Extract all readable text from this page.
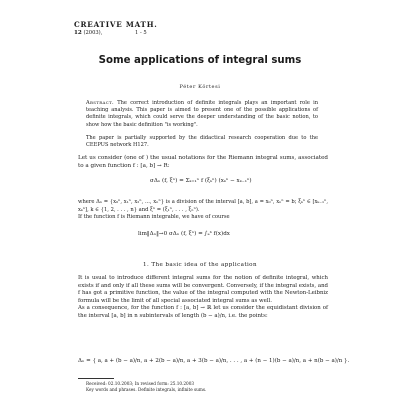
CREATIVE MATH.
12 (2003),	1 - 5
Some applications of integral sums
Péter Körtesi
Abstract. The correct introduction of definite integrals plays an important role in teaching analysis. This paper is aimed to present one of the possible applications of definite integrals, which could serve the deeper understanding of the basic notion, to show how the basic definition "is working".
The paper is partially supported by the didactical research cooperation due to the CEEPUS network H127.
Let us consider (one of ) the usual notations for the Riemann integral sums, associated to a given function f : [a, b] → R:
σΔₙ (f, ξⁿ) = Σₖ₌₁ⁿ f (ξₖⁿ) (xₖⁿ − xₖ₋₁ⁿ)
where Δₙ = {x₀ⁿ, x₁ⁿ, x₂ⁿ, ..., xₙⁿ} is a division of the interval [a, b], a = x₀ⁿ, xₙⁿ = b; ξₖⁿ ∈ [xₖ₋₁ⁿ, xₖⁿ], k ∈ {1, 2, . . . , n} and ξⁿ = (ξ₁ⁿ, . . . , ξₙⁿ).
If the function f is Riemann integrable, we have of course
lim‖Δₙ‖→0 σΔₙ (f, ξⁿ) = ∫ₐᵇ f(x)dx
1. The basic idea of the application
It is usual to introduce different integral sums for the notion of definite integral, which exists if and only if all these sums will be convergent. Conversely, if the integral exists, and f has got a primitive function, the value of the integral computed with the Newton-Leibniz formula will be the limit of all special associated integral sums as well.
As a consequence, for the function f : [a, b] → ℝ let us consider the equidistant division of the interval [a, b] in n subintervals of length (b − a)/n, i.e. the points:
Δₙ = { a, a + (b − a)/n, a + 2(b − a)/n, a + 3(b − a)/n, . . . , a + (n − 1)(b − a)/n, a + n(b − a)/n }.
Received: 02.10.2003; In revised form: 25.10.2003
Key words and phrases. Definite integrals, infinite sums.
